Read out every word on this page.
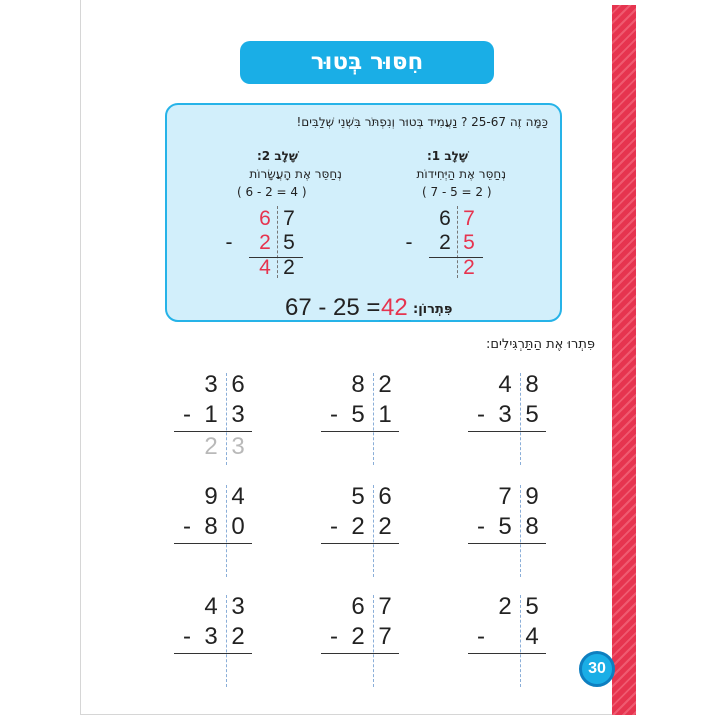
חִסּוּר בְּטוּר
כַּמָּה זֶה 25-67 ? נַעֲמִיד בְּטוּר וְנִפְתֹּר בִּשְׁנֵי שְׁלַבִּים!
שָׁלָב 1:
נְחַסֵּר אֶת הַיְּחִידוֹת
( 7 - 5 = 2 )
6 7
-	2 5
2
שָׁלָב 2:
נְחַסֵּר אֶת הָעֲשָׂרוֹת
( 6 - 2 = 4 )
6 7
-	2 5
4 2
פִּתְרוֹן:
42
67 - 25 =
פִּתְרוּ אֶת הַתַּרְגִּילִים:
3 6
- 1 3
2 3
8 2
- 5 1
4 8
- 3 5
9 4
- 8 0
5 6
- 2 2
7 9
- 5 8
4 3
- 3 2
6 7
- 2 7
2 5
- 4
30
